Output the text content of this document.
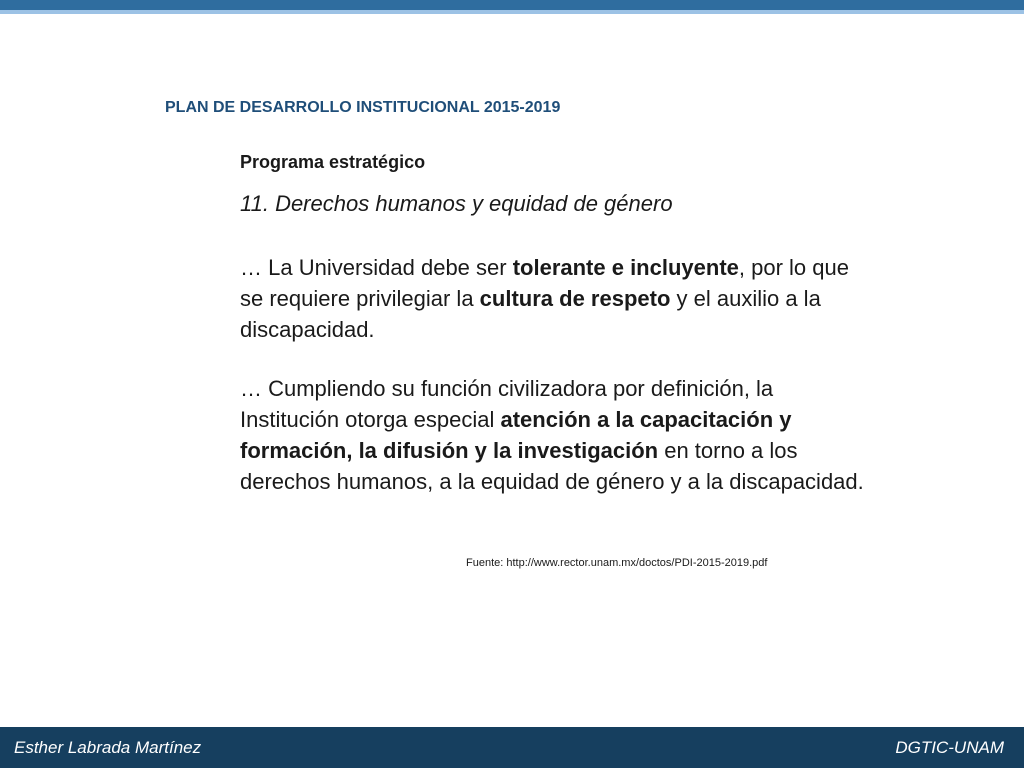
PLAN DE DESARROLLO INSTITUCIONAL 2015-2019
Programa estratégico
11. Derechos humanos y equidad de género
… La Universidad debe ser tolerante e incluyente, por lo que se requiere privilegiar la cultura de respeto y el auxilio a la discapacidad.
… Cumpliendo su función civilizadora por definición, la Institución otorga especial atención a la capacitación y formación, la difusión y la investigación en torno a los derechos humanos, a la equidad de género y a la discapacidad.
Fuente: http://www.rector.unam.mx/doctos/PDI-2015-2019.pdf
Esther Labrada Martínez	DGTIC-UNAM
